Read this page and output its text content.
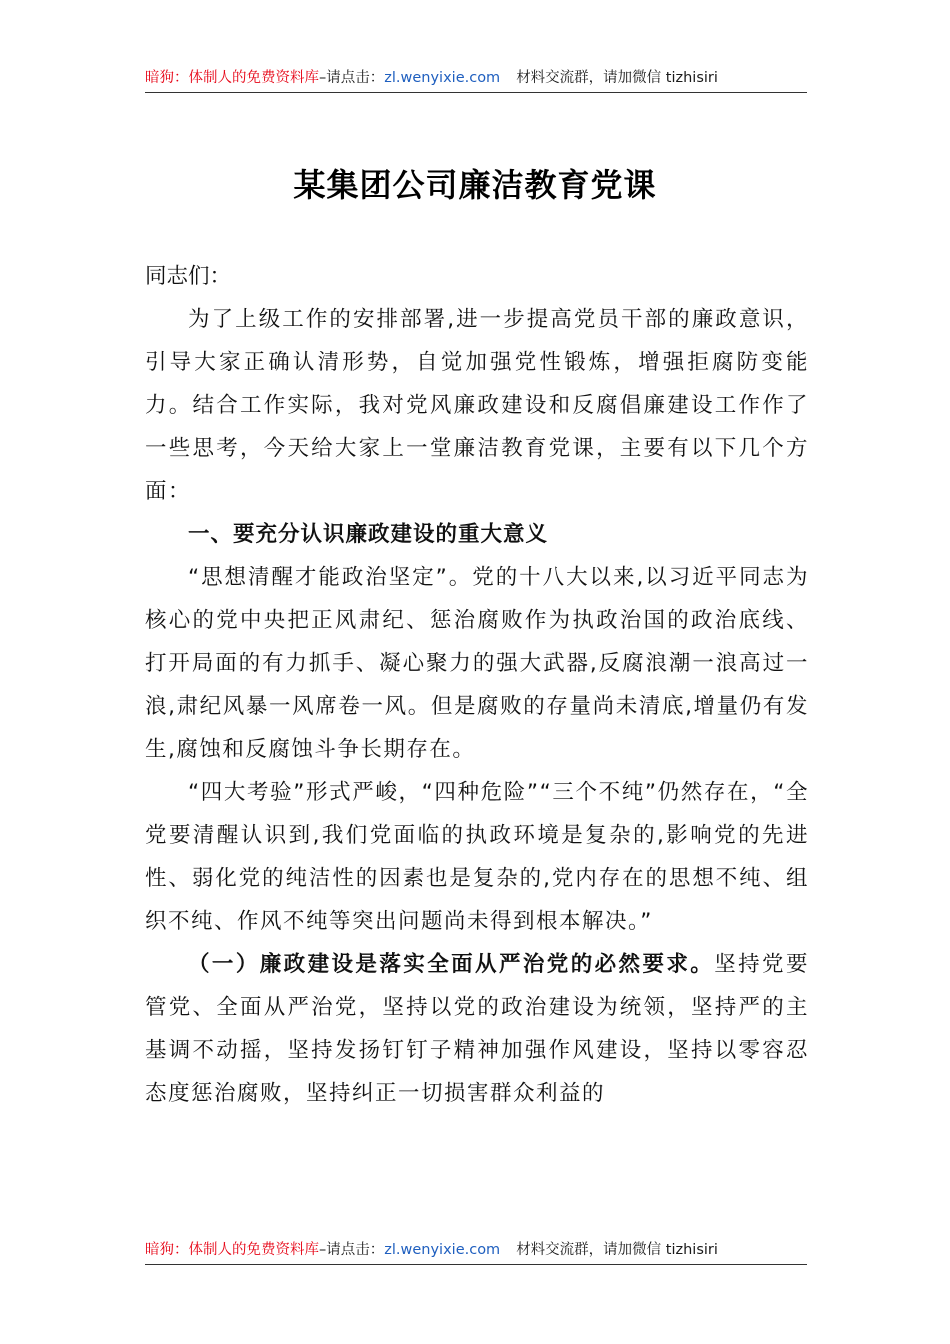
暗狗：体制人的免费资料库–请点击：zl.wenyixie.com 材料交流群，请加微信 tizhisiri
某集团公司廉洁教育党课

同志们：

为了上级工作的安排部署,进一步提高党员干部的廉政意识，引导大家正确认清形势，自觉加强党性锻炼，增强拒腐防变能力。结合工作实际，我对党风廉政建设和反腐倡廉建设工作作了一些思考，今天给大家上一堂廉洁教育党课，主要有以下几个方面：

一、要充分认识廉政建设的重大意义

“思想清醒才能政治坚定”。党的十八大以来,以习近平同志为核心的党中央把正风肃纪、惩治腐败作为执政治国的政治底线、打开局面的有力抓手、凝心聚力的强大武器,反腐浪潮一浪高过一浪,肃纪风暴一风席卷一风。但是腐败的存量尚未清底,增量仍有发生,腐蚀和反腐蚀斗争长期存在。

“四大考验”形式严峻，“四种危险”“三个不纯”仍然存在，“全党要清醒认识到,我们党面临的执政环境是复杂的,影响党的先进性、弱化党的纯洁性的因素也是复杂的,党内存在的思想不纯、组织不纯、作风不纯等突出问题尚未得到根本解决。”

（一）廉政建设是落实全面从严治党的必然要求。坚持党要管党、全面从严治党，坚持以党的政治建设为统领，坚持严的主基调不动摇，坚持发扬钉钉子精神加强作风建设，坚持以零容忍态度惩治腐败，坚持纠正一切损害群众利益的

暗狗：体制人的免费资料库–请点击：zl.wenyixie.com 材料交流群，请加微信 tizhisiri
